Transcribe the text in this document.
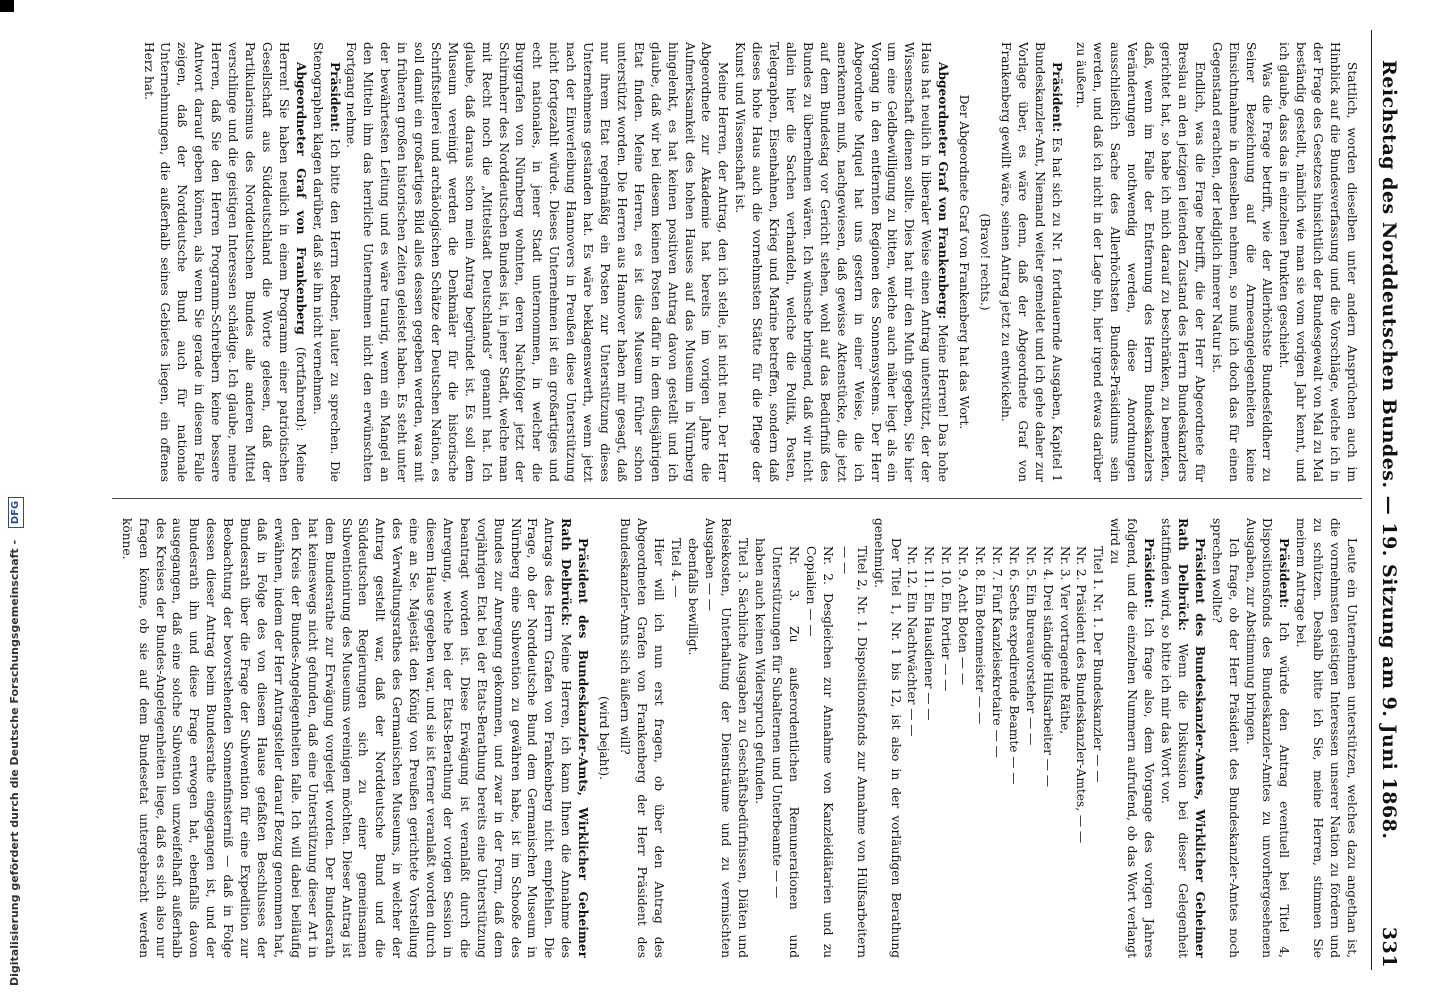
Reichstag des Norddeutschen Bundes. — 19. Sitzung am 9. Juni 1868.
331

Stattlich, worden dieselben unter andern Ansprüchen auch im Hinblick auf die Bundesverfassung und die Vorschläge, welche ich in der Frage des Gesetzes hinsichtlich der Bundesgewalt von Mal zu Mal beständig gestellt, nämlich wie man sie vom vorigen Jahr kennt, und ich glaube, dass das in einzelnen Punkten geschieht.

Was die Frage betrifft, wie der Allerhöchste Bundesfeldherr zu Seiner Bezeichnung auf die Armeeangelegenheiten keine Einsichtnahme in denselben nehmen, so muß ich doch das für einen Gegenstand erachten, der lediglich innerer Natur ist.

Endlich, was die Frage betrifft, die der Herr Abgeordnete für Breslau an den jetzigen leitenden Zustand des Herrn Bundeskanzlers gerichtet hat, so habe ich mich darauf zu beschränken, zu bemerken, daß, wenn im Falle der Entfernung des Herrn Bundeskanzlers Veränderungen nothwendig werden, diese Anordnungen ausschließlich Sache des Allerhöchsten Bundes-Präsidiums sein werden, und daß ich nicht in der Lage bin, hier irgend etwas darüber zu äußern.

Präsident: Es hat sich zu Nr. 1 fortdauernde Ausgaben, Kapitel 1 Bundeskanzler-Amt, Niemand weiter gemeldet und ich gehe daher zur Vorlage über, es wäre denn, daß der Abgeordnete Graf von Frankenberg gewillt wäre, seinen Antrag jetzt zu entwickeln.

(Bravo! rechts.)

Der Abgeordnete Graf von Frankenberg hat das Wort.

Abgeordneter Graf von Frankenberg: Meine Herren! Das hohe Haus hat neulich in liberaler Weise einen Antrag unterstützt, der der Wissenschaft dienen sollte. Dies hat mir den Muth gegeben, Sie hier um eine Geldbewilligung zu bitten, welche auch näher liegt als ein Vorgang in den entfernten Regionen des Sonnensystems. Der Herr Abgeordnete Miquel hat uns gestern in einer Weise, die ich anerkennen muß, nachgewiesen, daß gewisse Aktenstücke, die jetzt auf dem Bundestag vor Gericht stehen, wohl auf das Bedürfniß des Bundes zu übernehmen wären. Ich wünsche bringend, daß wir nicht allein hier die Sachen verhandeln, welche die Politik, Posten, Telegraphen, Eisenbahnen, Krieg und Marine betreffen, sondern daß dieses hohe Haus auch die vornehmsten Stätte für die Pflege der Kunst und Wissenschaft ist.

Meine Herren, der Antrag, den ich stelle, ist nicht neu. Der Herr Abgeordnete zur Akademie hat bereits im vorigen Jahre die Aufmerksamkeit des hohen Hauses auf das Museum in Nürnberg hingelenkt, es hat keinen positiven Antrag davon gestellt und ich glaube, daß wir bei diesem keinen Posten dafür in dem diesjährigen Etat finden. Meine Herren, es ist dies Museum früher schon unterstützt worden. Die Herren aus Hannover haben mir gesagt, daß nur ihrem Etat regelmäßig ein Posten zur Unterstützung dieses Unternehmens gestanden hat. Es wäre beklagenswerth, wenn jetzt nach der Einverleibung Hannovers in Preußen diese Unterstützung nicht fortgezahlt würde. Dieses Unternehmen ist ein großartiges und echt nationales, in jener Stadt unternommen, in welcher die Burggrafen von Nürnberg wohnten, deren Nachfolger jetzt der Schirmherr des Norddeutschen Bundes ist, in jener Stadt, welche man mit Recht noch die „Mittelstadt Deutschlands“ genannt hat. Ich glaube, daß daraus schon mein Antrag begründet ist. Es soll dem Museum vereinigt werden die Denkmäler für die historische Schriftstellerei und archäologischen Schätze der Deutschen Nation, es soll damit ein großartiges Bild alles dessen gegeben werden, was mit in früheren großen historischen Zeiten geleistet haben. Es steht unter der bewährtesten Leitung und es wäre traurig, wenn ein Mangel an den Mitteln ihm das herrliche Unternehmen nicht den erwünschten Fortgang nehme.

Präsident: Ich bitte den Herrn Redner, lauter zu sprechen. Die Stenographen klagen darüber, daß sie ihn nicht vernehmen.

Abgeordneter Graf von Frankenberg (fortfahrend): Meine Herren! Sie haben neulich in einem Programm einer patriotischen Gesellschaft aus Süddeutschland die Worte gelesen, daß der Partikularismus des Norddeutschen Bundes alle anderen Mittel verschlinge und die geistigen Interessen schädige. Ich glaube, meine Herren, daß Sie den Herren Programm-Schreibern keine bessere Antwort darauf geben können, als wenn Sie gerade in diesem Falle zeigen, daß der Norddeutsche Bund auch für nationale Unternehmungen, die außerhalb seines Gebietes liegen, ein offenes Herz hat.

Leute ein Unternehmen unterstützen, welches dazu angethan ist, die vornehmsten geistigen Interessen unserer Nation zu fördern und zu schützen. Deshalb bitte ich Sie, meine Herren, stimmen Sie meinem Antrage bei.

Präsident: Ich würde den Antrag eventuell bei Titel 4, Dispositionsfonds des Bundeskanzler-Amtes zu unvorhergesehenen Ausgaben, zur Abstimmung bringen.

Ich frage, ob der Herr Präsident des Bundeskanzler-Amtes noch sprechen wollte?

Präsident des Bundeskanzler-Amtes, Wirklicher Geheimer Rath Delbrück: Wenn die Diskussion bei dieser Gelegenheit stattfinden wird, so bitte ich mir das Wort vor.

Präsident: Ich frage also, dem Vorgange des vorigen Jahres folgend, und die einzelnen Nummern aufrufend, ob das Wort verlangt wird zu

Titel 1. Nr. 1. Der Bundeskanzler — —
Nr. 2. Präsident des Bundeskanzler-Amtes, — —
Nr. 3. Vier vortragende Räthe,
Nr. 4. Drei ständige Hülfsarbeiter — —
Nr. 5. Ein Bureauvorsteher — —
Nr. 6. Sechs expedirende Beamte — —
Nr. 7. Fünf Kanzleisekretaire — —
Nr. 8. Ein Botenmeister — —
Nr. 9. Acht Boten — —
Nr. 10. Ein Portier — —
Nr. 11. Ein Hausdiener — —
Nr. 12. Ein Nachtwächter — —

Der Titel 1, Nr. 1 bis 12, ist also in der vorläufigen Berathung genehmigt.

Titel 2, Nr. 1. Dispositionsfonds zur Annahme von Hülfsarbeitern — —
Nr. 2. Desgleichen zur Annahme von Kanzleidiätarien und zu Copialien — —
Nr. 3. Zu außerordentlichen Remunerationen und Unterstützungen für Subalternen und Unterbeamte — —

haben auch keinen Widerspruch gefunden.

Titel 3. Sächliche Ausgaben zu Geschäftsbedürfnissen, Diäten und Reisekosten, Unterhaltung der Diensträume und zu vermischten Ausgaben — —

ebenfalls bewilligt.

Titel 4. —

Hier will ich nun erst fragen, ob über den Antrag des Abgeordneten Grafen von Frankenberg der Herr Präsident des Bundeskanzler-Amts sich äußern will?

(wird bejaht).

Präsident des Bundeskanzler-Amts, Wirklicher Geheimer Rath Delbrück: Meine Herren, ich kann Ihnen die Annahme des Antrags des Herrn Grafen von Frankenberg nicht empfehlen. Die Frage, ob der Norddeutsche Bund dem Germanischen Museum in Nürnberg eine Subvention zu gewähren habe, ist im Schooße des Bundes zur Anregung gekommen, und zwar in der Form, daß dem vorjährigen Etat bei der Etats-Berathung bereits eine Unterstützung beantragt worden ist. Diese Erwägung ist veranlaßt durch die Anregung, welche bei der Etats-Berathung der vorigen Session in diesem Hause gegeben war, und sie ist ferner veranlaßt worden durch eine an Se. Majestät den König von Preußen gerichtete Vorstellung des Verwaltungsrathes des Germanischen Museums, in welcher der Antrag gestellt war, daß der Norddeutsche Bund und die Süddeutschen Regierungen sich zu einer gemeinsamen Subventionirung des Museums vereinigen möchten. Dieser Antrag ist dem Bundesrathe zur Erwägung vorgelegt worden. Der Bundesrath hat keineswegs nicht gefunden, daß eine Unterstützung dieser Art in den Kreis der Bundes-Angelegenheiten falle. Ich will dabei beiläufig erwähnen, indem der Herr Antragsteller darauf Bezug genommen hat, daß in Folge des von diesem Hause gefaßten Beschlusses der Bundesrath über die Frage der Subvention für eine Expedition zur Beobachtung der bevorstehenden Sonnenfinsterniß — daß in Folge dessen dieser Antrag beim Bundesrathe eingegangen ist, und der Bundesrath ihn und diese Frage erwogen hat, ebenfalls davon ausgegangen, daß eine solche Subvention unzweifelhaft außerhalb des Kreises der Bundes-Angelegenheiten liege, daß es sich also nur fragen könne, ob sie auf dem Bundesetat untergebracht werden könne.

Digitalisierung gefördert durch die Deutsche Forschungsgemeinschaft - DFG
